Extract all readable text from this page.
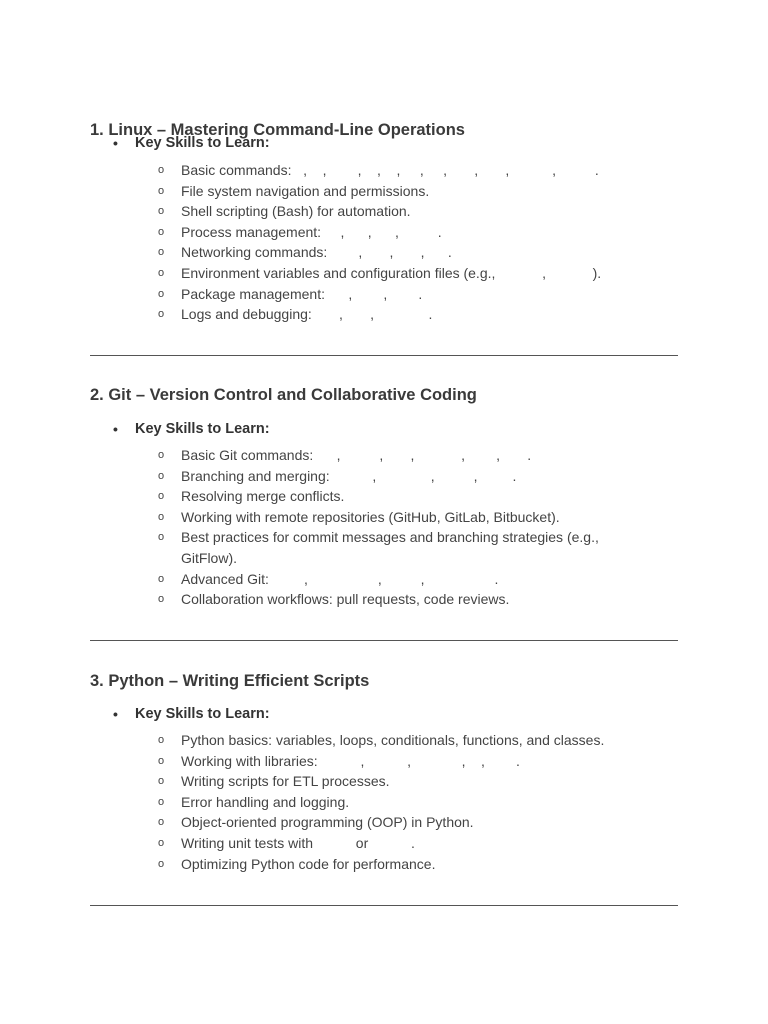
1. Linux – Mastering Command-Line Operations
• Key Skills to Learn:
o Basic commands:   ,    ,        ,    ,    ,     ,     ,       ,       ,           ,          .
o File system navigation and permissions.
o Shell scripting (Bash) for automation.
o Process management:     ,      ,      ,          .
o Networking commands:        ,       ,       ,      .
o Environment variables and configuration files (e.g.,            ,            ).
o Package management:      ,        ,        .
o Logs and debugging:       ,       ,              .
2. Git – Version Control and Collaborative Coding
• Key Skills to Learn:
o Basic Git commands:      ,          ,       ,            ,        ,       .
o Branching and merging:           ,              ,          ,         .
o Resolving merge conflicts.
o Working with remote repositories (GitHub, GitLab, Bitbucket).
o Best practices for commit messages and branching strategies (e.g., GitFlow).
o Advanced Git:         ,                  ,          ,                  .
o Collaboration workflows: pull requests, code reviews.
3. Python – Writing Efficient Scripts
• Key Skills to Learn:
o Python basics: variables, loops, conditionals, functions, and classes.
o Working with libraries:           ,           ,             ,    ,        .
o Writing scripts for ETL processes.
o Error handling and logging.
o Object-oriented programming (OOP) in Python.
o Writing unit tests with           or           .
o Optimizing Python code for performance.
